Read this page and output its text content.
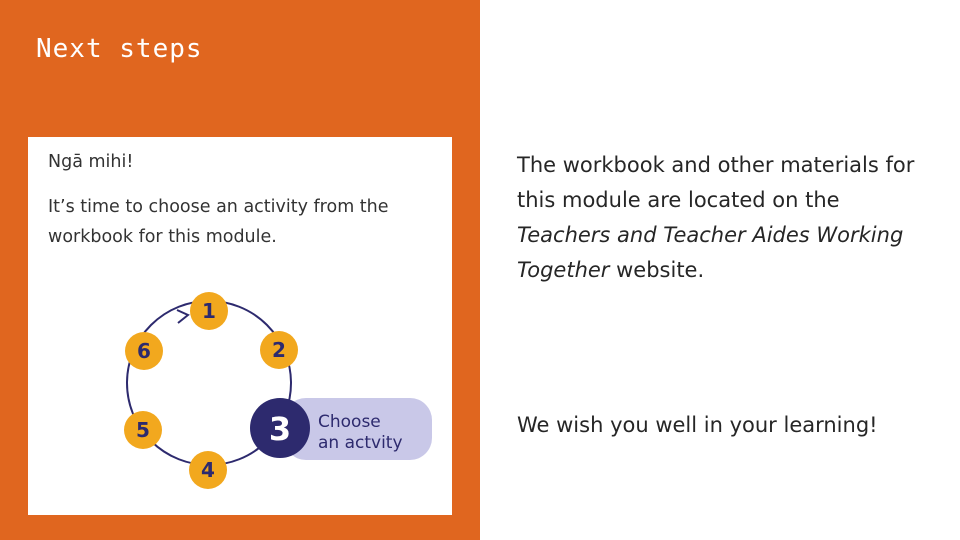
Next steps

Ngā mihi!

It’s time to choose an activity from the workbook for this module.

Choose
an actvity
1
2
3
4
5
6

The workbook and other materials for this module are located on the Teachers and Teacher Aides Working Together website.

We wish you well in your learning!
